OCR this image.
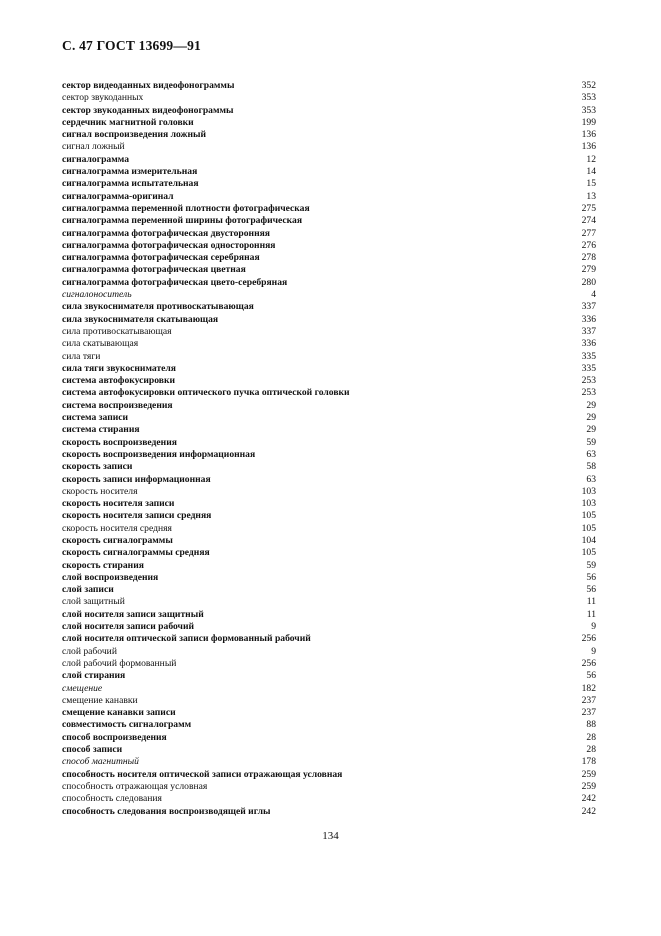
С. 47 ГОСТ 13699—91
сектор видеоданных видеофонограммы	352
сектор звукоданных	353
сектор звукоданных видеофонограммы	353
сердечник магнитной головки	199
сигнал воспроизведения ложный	136
сигнал ложный	136
сигналограмма	12
сигналограмма измерительная	14
сигналограмма испытательная	15
сигналограмма-оригинал	13
сигналограмма переменной плотности фотографическая	275
сигналограмма переменной ширины фотографическая	274
сигналограмма фотографическая двусторонняя	277
сигналограмма фотографическая односторонняя	276
сигналограмма фотографическая серебряная	278
сигналограмма фотографическая цветная	279
сигналограмма фотографическая цвето-серебряная	280
сигналоноситель	4
сила звукоснимателя противоскатывающая	337
сила звукоснимателя скатывающая	336
сила противоскатывающая	337
сила скатывающая	336
сила тяги	335
сила тяги звукоснимателя	335
система автофокусировки	253
система автофокусировки оптического пучка оптической головки	253
система воспроизведения	29
система записи	29
система стирания	29
скорость воспроизведения	59
скорость воспроизведения информационная	63
скорость записи	58
скорость записи информационная	63
скорость носителя	103
скорость носителя записи	103
скорость носителя записи средняя	105
скорость носителя средняя	105
скорость сигналограммы	104
скорость сигналограммы средняя	105
скорость стирания	59
слой воспроизведения	56
слой записи	56
слой защитный	11
слой носителя записи защитный	11
слой носителя записи рабочий	9
слой носителя оптической записи формованный рабочий	256
слой рабочий	9
слой рабочий формованный	256
слой стирания	56
смещение	182
смещение канавки	237
смещение канавки записи	237
совместимость сигналограмм	88
способ воспроизведения	28
способ записи	28
способ магнитный	178
способность носителя оптической записи отражающая условная	259
способность отражающая условная	259
способность следования	242
способность следования воспроизводящей иглы	242
134
